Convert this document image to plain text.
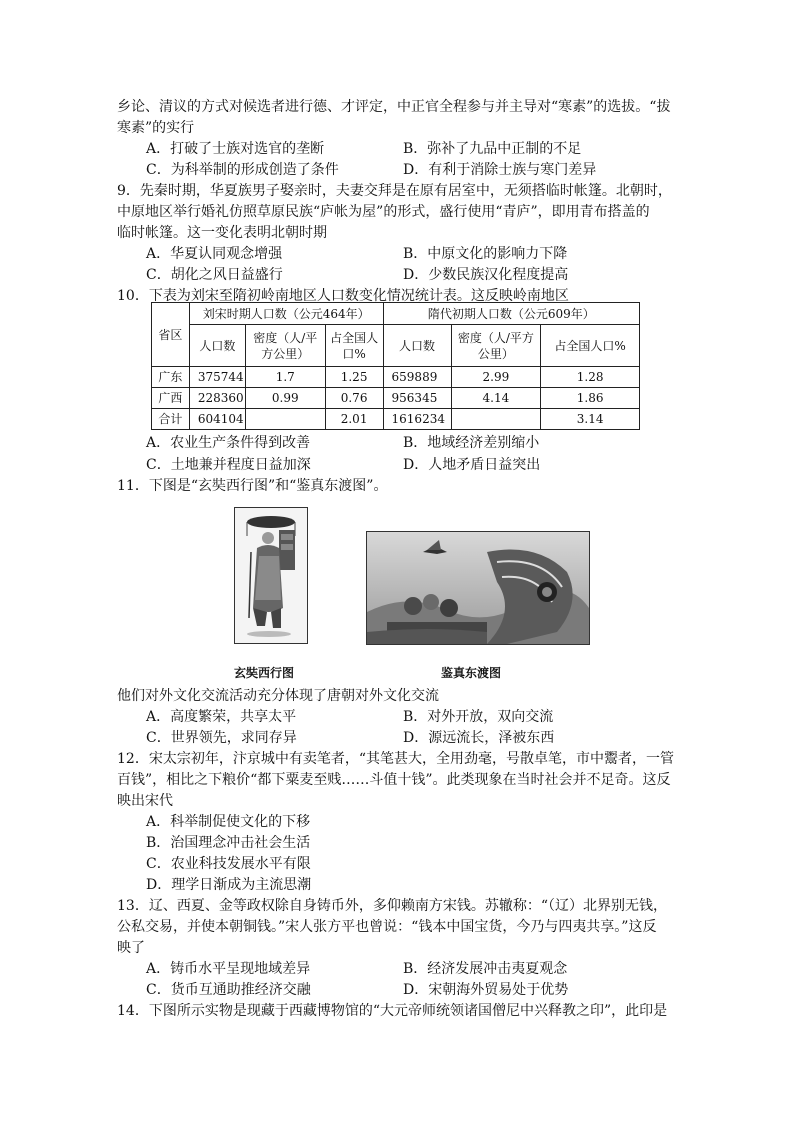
乡论、清议的方式对候选者进行德、才评定，中正官全程参与并主导对“寒素”的选拔。“拔
寒素”的实行
A．打破了士族对选官的垄断	B．弥补了九品中正制的不足
C．为科举制的形成创造了条件	D．有利于消除士族与寒门差异
9．先秦时期，华夏族男子娶亲时，夫妻交拜是在原有居室中，无须搭临时帐篷。北朝时，
中原地区举行婚礼仿照草原民族“庐帐为屋”的形式，盛行使用“青庐”，即用青布搭盖的
临时帐篷。这一变化表明北朝时期
A．华夏认同观念增强	B．中原文化的影响力下降
C．胡化之风日益盛行	D．少数民族汉化程度提高
10．下表为刘宋至隋初岭南地区人口数变化情况统计表。这反映岭南地区
省区	刘宋时期人口数（公元464年）			隋代初期人口数（公元609年）		
	人口数	密度（人/平方公里）	占全国人口%	人口数	密度（人/平方公里）	占全国人口%
广东	375744	1.7	1.25	659889	2.99	1.28
广西	228360	0.99	0.76	956345	4.14	1.86
合计	604104		2.01	1616234		3.14
A．农业生产条件得到改善	B．地域经济差别缩小
C．土地兼并程度日益加深	D．人地矛盾日益突出
11．下图是“玄奘西行图”和“鉴真东渡图”。
玄奘西行图	鉴真东渡图
他们对外文化交流活动充分体现了唐朝对外文化交流
A．高度繁荣，共享太平	B．对外开放，双向交流
C．世界领先，求同存异	D．源远流长，泽被东西
12．宋太宗初年，汴京城中有卖笔者，“其笔甚大，全用劲毫，号散卓笔，市中鬻者，一管
百钱”，相比之下粮价“都下粟麦至贱……斗值十钱”。此类现象在当时社会并不足奇。这反
映出宋代
A．科举制促使文化的下移
B．治国理念冲击社会生活
C．农业科技发展水平有限
D．理学日渐成为主流思潮
13．辽、西夏、金等政权除自身铸币外，多仰赖南方宋钱。苏辙称：“（辽）北界别无钱，
公私交易，并使本朝铜钱。”宋人张方平也曾说：“钱本中国宝货，今乃与四夷共享。”这反
映了
A．铸币水平呈现地域差异	B．经济发展冲击夷夏观念
C．货币互通助推经济交融	D．宋朝海外贸易处于优势
14．下图所示实物是现藏于西藏博物馆的“大元帝师统领诸国僧尼中兴释教之印”，此印是
